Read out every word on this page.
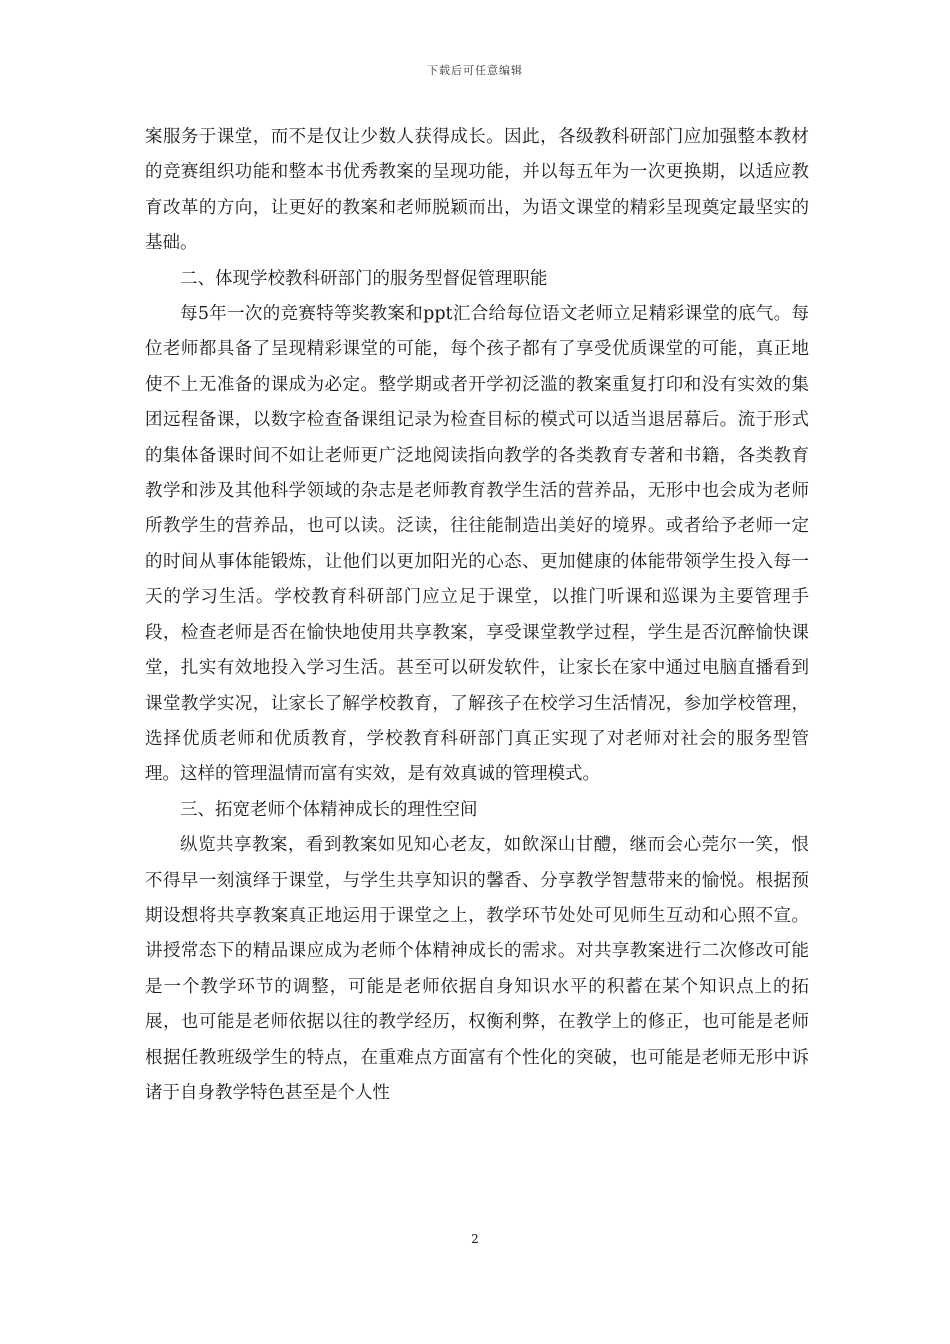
下载后可任意编辑

案服务于课堂，而不是仅让少数人获得成长。因此，各级教科研部门应加强整本教材的竞赛组织功能和整本书优秀教案的呈现功能，并以每五年为一次更换期，以适应教育改革的方向，让更好的教案和老师脱颖而出，为语文课堂的精彩呈现奠定最坚实的基础。

二、体现学校教科研部门的服务型督促管理职能

每5年一次的竞赛特等奖教案和ppt汇合给每位语文老师立足精彩课堂的底气。每位老师都具备了呈现精彩课堂的可能，每个孩子都有了享受优质课堂的可能，真正地使不上无准备的课成为必定。整学期或者开学初泛滥的教案重复打印和没有实效的集团远程备课，以数字检查备课组记录为检查目标的模式可以适当退居幕后。流于形式的集体备课时间不如让老师更广泛地阅读指向教学的各类教育专著和书籍，各类教育教学和涉及其他科学领域的杂志是老师教育教学生活的营养品，无形中也会成为老师所教学生的营养品，也可以读。泛读，往往能制造出美好的境界。或者给予老师一定的时间从事体能锻炼，让他们以更加阳光的心态、更加健康的体能带领学生投入每一天的学习生活。学校教育科研部门应立足于课堂，以推门听课和巡课为主要管理手段，检查老师是否在愉快地使用共享教案，享受课堂教学过程，学生是否沉醉愉快课堂，扎实有效地投入学习生活。甚至可以研发软件，让家长在家中通过电脑直播看到课堂教学实况，让家长了解学校教育，了解孩子在校学习生活情况，参加学校管理，选择优质老师和优质教育，学校教育科研部门真正实现了对老师对社会的服务型管理。这样的管理温情而富有实效，是有效真诚的管理模式。

三、拓宽老师个体精神成长的理性空间

纵览共享教案，看到教案如见知心老友，如飲深山甘醴，继而会心莞尔一笑，恨不得早一刻演绎于课堂，与学生共享知识的馨香、分享教学智慧带来的愉悦。根据预期设想将共享教案真正地运用于课堂之上，教学环节处处可见师生互动和心照不宣。讲授常态下的精品课应成为老师个体精神成长的需求。对共享教案进行二次修改可能是一个教学环节的调整，可能是老师依据自身知识水平的积蓄在某个知识点上的拓展，也可能是老师依据以往的教学经历，权衡利弊，在教学上的修正，也可能是老师根据任教班级学生的特点，在重难点方面富有个性化的突破，也可能是老师无形中诉诸于自身教学特色甚至是个人性

2
